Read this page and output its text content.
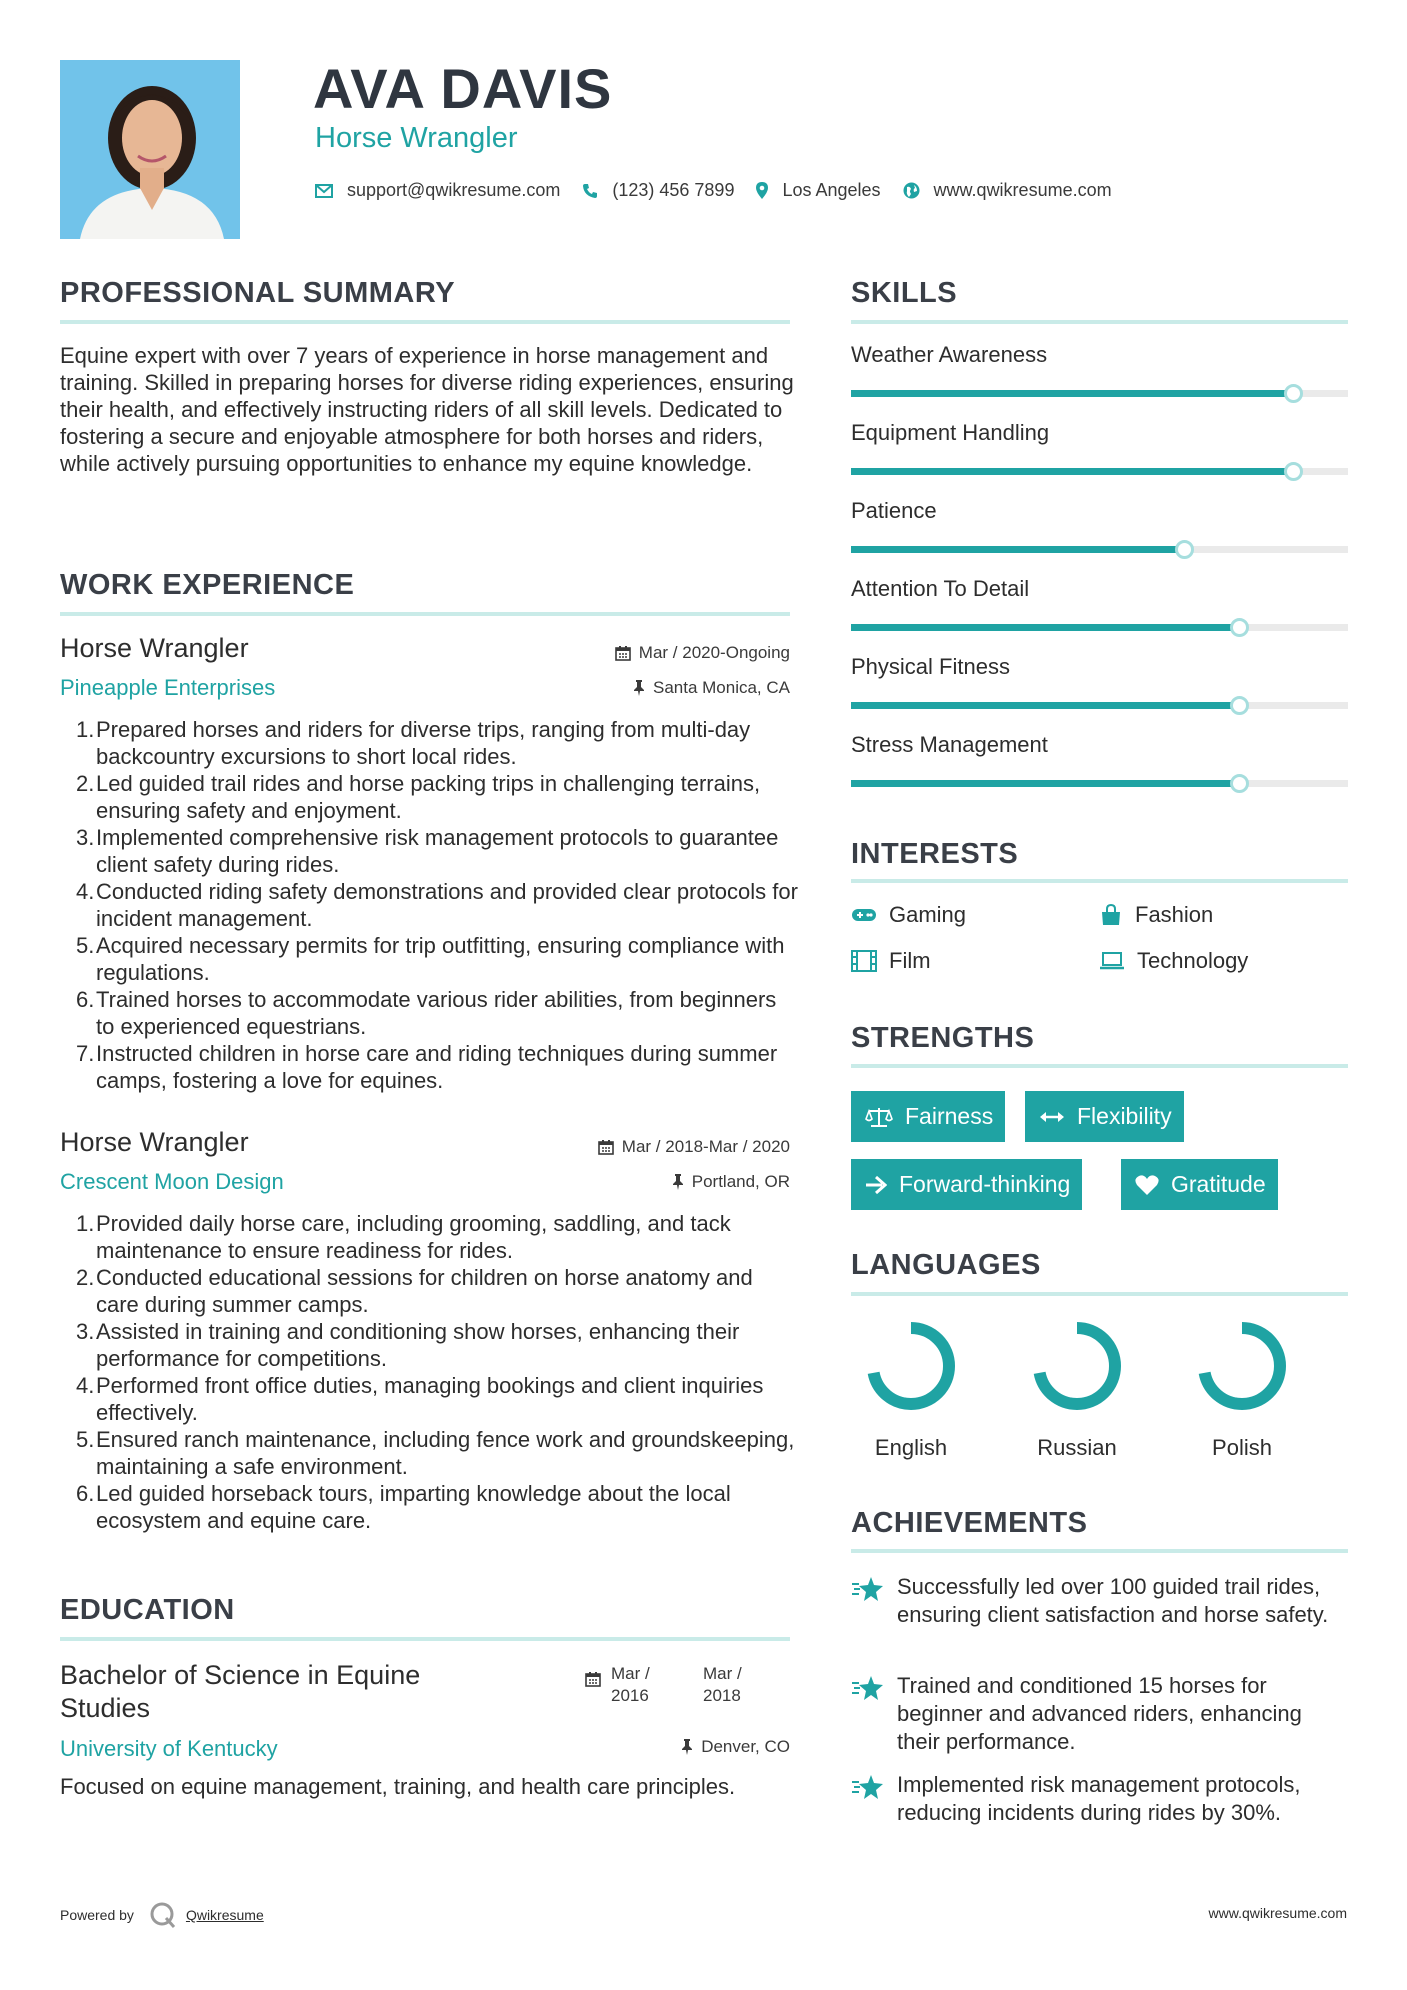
AVA DAVIS
Horse Wrangler
support@qwikresume.com	(123) 456 7899	Los Angeles	www.qwikresume.com
PROFESSIONAL SUMMARY
Equine expert with over 7 years of experience in horse management and training. Skilled in preparing horses for diverse riding experiences, ensuring their health, and effectively instructing riders of all skill levels. Dedicated to fostering a secure and enjoyable atmosphere for both horses and riders, while actively pursuing opportunities to enhance my equine knowledge.
WORK EXPERIENCE
Horse Wrangler	Mar / 2020-Ongoing
Pineapple Enterprises	Santa Monica, CA
Prepared horses and riders for diverse trips, ranging from multi-day backcountry excursions to short local rides.
Led guided trail rides and horse packing trips in challenging terrains, ensuring safety and enjoyment.
Implemented comprehensive risk management protocols to guarantee client safety during rides.
Conducted riding safety demonstrations and provided clear protocols for incident management.
Acquired necessary permits for trip outfitting, ensuring compliance with regulations.
Trained horses to accommodate various rider abilities, from beginners to experienced equestrians.
Instructed children in horse care and riding techniques during summer camps, fostering a love for equines.
Horse Wrangler	Mar / 2018-Mar / 2020
Crescent Moon Design	Portland, OR
Provided daily horse care, including grooming, saddling, and tack maintenance to ensure readiness for rides.
Conducted educational sessions for children on horse anatomy and care during summer camps.
Assisted in training and conditioning show horses, enhancing their performance for competitions.
Performed front office duties, managing bookings and client inquiries effectively.
Ensured ranch maintenance, including fence work and groundskeeping, maintaining a safe environment.
Led guided horseback tours, imparting knowledge about the local ecosystem and equine care.
EDUCATION
Bachelor of Science in Equine Studies
Mar / 2016
Mar / 2018
University of Kentucky	Denver, CO
Focused on equine management, training, and health care principles.
SKILLS
Weather Awareness
Equipment Handling
Patience
Attention To Detail
Physical Fitness
Stress Management
INTERESTS
Gaming	Fashion
Film	Technology
STRENGTHS
Fairness	Flexibility
Forward-thinking	Gratitude
LANGUAGES
English	Russian	Polish
ACHIEVEMENTS
Successfully led over 100 guided trail rides, ensuring client satisfaction and horse safety.
Trained and conditioned 15 horses for beginner and advanced riders, enhancing their performance.
Implemented risk management protocols, reducing incidents during rides by 30%.
Powered by	Qwikresume	www.qwikresume.com
